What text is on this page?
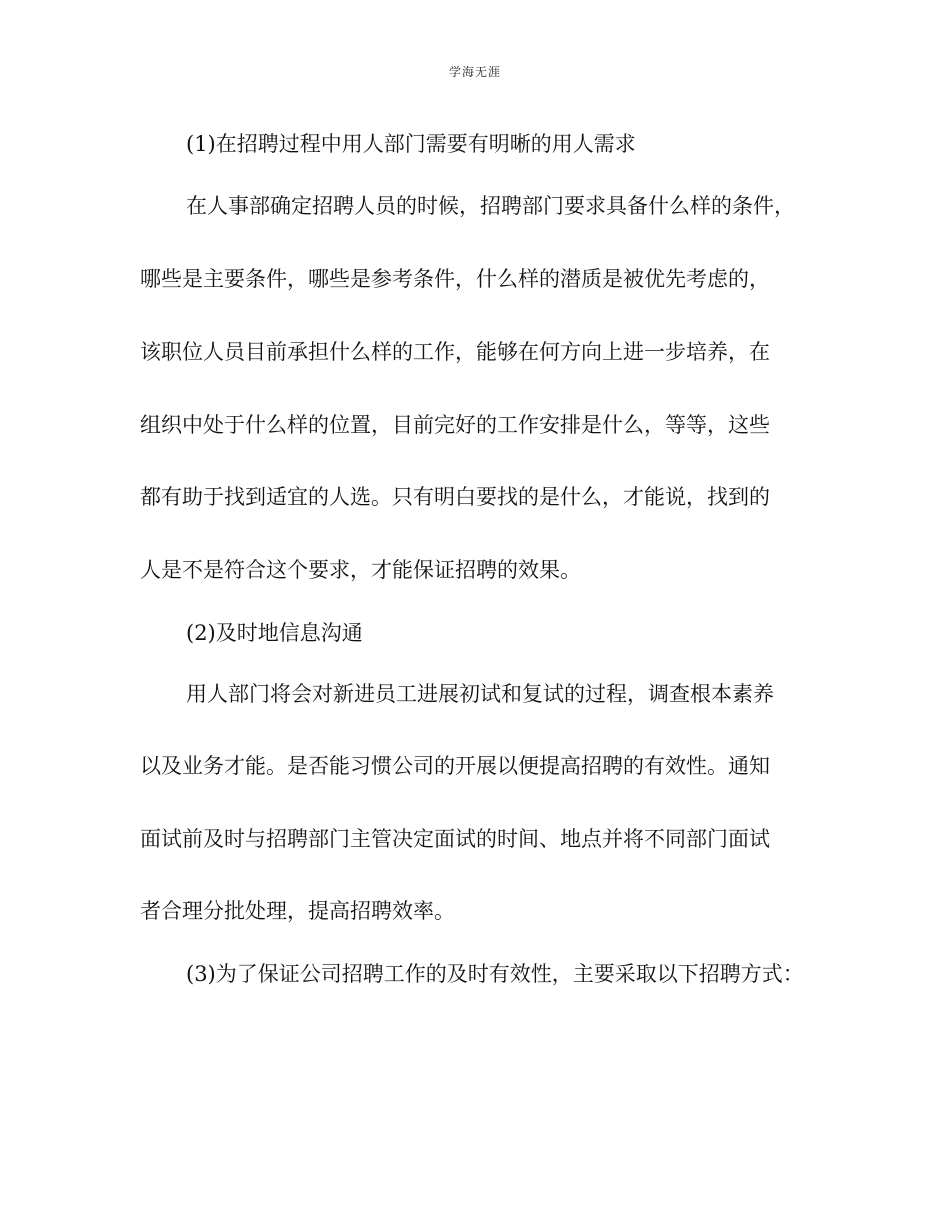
学海无涯
(1)在招聘过程中用人部门需要有明晰的用人需求
在人事部确定招聘人员的时候，招聘部门要求具备什么样的条件，
哪些是主要条件，哪些是参考条件，什么样的潜质是被优先考虑的，
该职位人员目前承担什么样的工作，能够在何方向上进一步培养，在
组织中处于什么样的位置，目前完好的工作安排是什么，等等，这些
都有助于找到适宜的人选。只有明白要找的是什么，才能说，找到的
人是不是符合这个要求，才能保证招聘的效果。
(2)及时地信息沟通
用人部门将会对新进员工进展初试和复试的过程，调查根本素养
以及业务才能。是否能习惯公司的开展以便提高招聘的有效性。通知
面试前及时与招聘部门主管决定面试的时间、地点并将不同部门面试
者合理分批处理，提高招聘效率。
(3)为了保证公司招聘工作的及时有效性，主要采取以下招聘方式：
